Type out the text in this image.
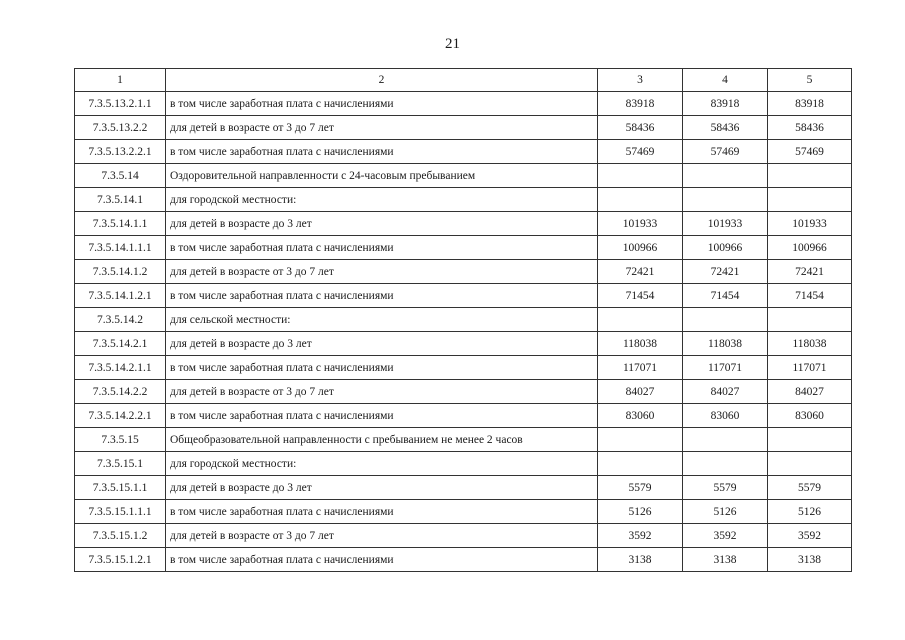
21
1	2	3	4	5
7.3.5.13.2.1.1	в том числе заработная плата с начислениями	83918	83918	83918
7.3.5.13.2.2	для детей в возрасте от 3 до 7 лет	58436	58436	58436
7.3.5.13.2.2.1	в том числе заработная плата с начислениями	57469	57469	57469
7.3.5.14	Оздоровительной направленности с 24-часовым пребыванием			
7.3.5.14.1	для городской местности:			
7.3.5.14.1.1	для детей в возрасте до 3 лет	101933	101933	101933
7.3.5.14.1.1.1	в том числе заработная плата с начислениями	100966	100966	100966
7.3.5.14.1.2	для детей в возрасте от 3 до 7 лет	72421	72421	72421
7.3.5.14.1.2.1	в том числе заработная плата с начислениями	71454	71454	71454
7.3.5.14.2	для сельской местности:			
7.3.5.14.2.1	для детей в возрасте до 3 лет	118038	118038	118038
7.3.5.14.2.1.1	в том числе заработная плата с начислениями	117071	117071	117071
7.3.5.14.2.2	для детей в возрасте от 3 до 7 лет	84027	84027	84027
7.3.5.14.2.2.1	в том числе заработная плата с начислениями	83060	83060	83060
7.3.5.15	Общеобразовательной направленности с пребыванием не менее 2 часов			
7.3.5.15.1	для городской местности:			
7.3.5.15.1.1	для детей в возрасте до 3 лет	5579	5579	5579
7.3.5.15.1.1.1	в том числе заработная плата с начислениями	5126	5126	5126
7.3.5.15.1.2	для детей в возрасте от 3 до 7 лет	3592	3592	3592
7.3.5.15.1.2.1	в том числе заработная плата с начислениями	3138	3138	3138
